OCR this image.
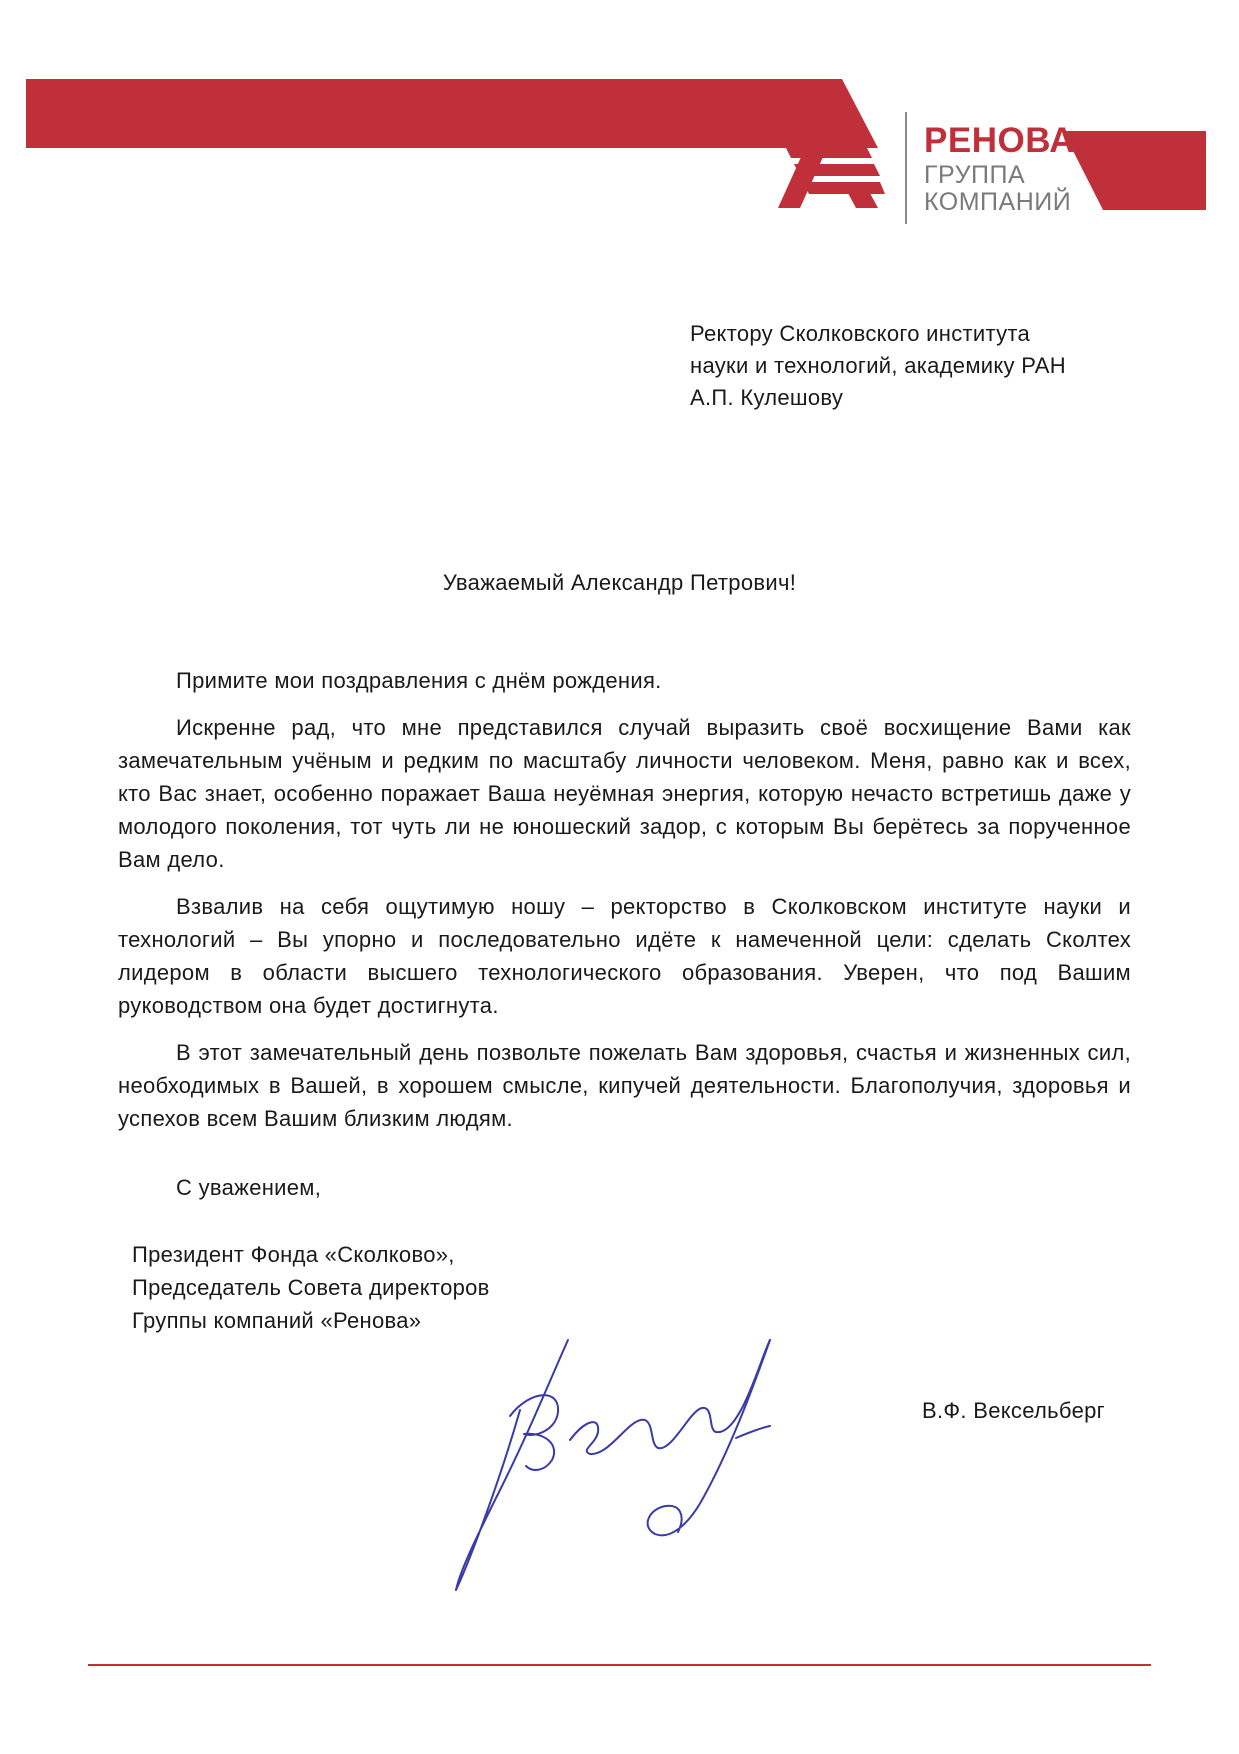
РЕНОВА
ГРУППА
КОМПАНИЙ
Ректору Сколковского института
науки и технологий, академику РАН
А.П. Кулешову
Уважаемый Александр Петрович!

Примите мои поздравления с днём рождения.

Искренне рад, что мне представился случай выразить своё восхищение Вами как замечательным учёным и редким по масштабу личности человеком. Меня, равно как и всех, кто Вас знает, особенно поражает Ваша неуёмная энергия, которую нечасто встретишь даже у молодого поколения, тот чуть ли не юношеский задор, с которым Вы берётесь за порученное Вам дело.

Взвалив на себя ощутимую ношу – ректорство в Сколковском институте науки и технологий – Вы упорно и последовательно идёте к намеченной цели: сделать Сколтех лидером в области высшего технологического образования. Уверен, что под Вашим руководством она будет достигнута.

В этот замечательный день позвольте пожелать Вам здоровья, счастья и жизненных сил, необходимых в Вашей, в хорошем смысле, кипучей деятельности. Благополучия, здоровья и успехов всем Вашим близким людям.

С уважением,
Президент Фонда «Сколково»,
Председатель Совета директоров
Группы компаний «Ренова»
В.Ф. Вексельберг
